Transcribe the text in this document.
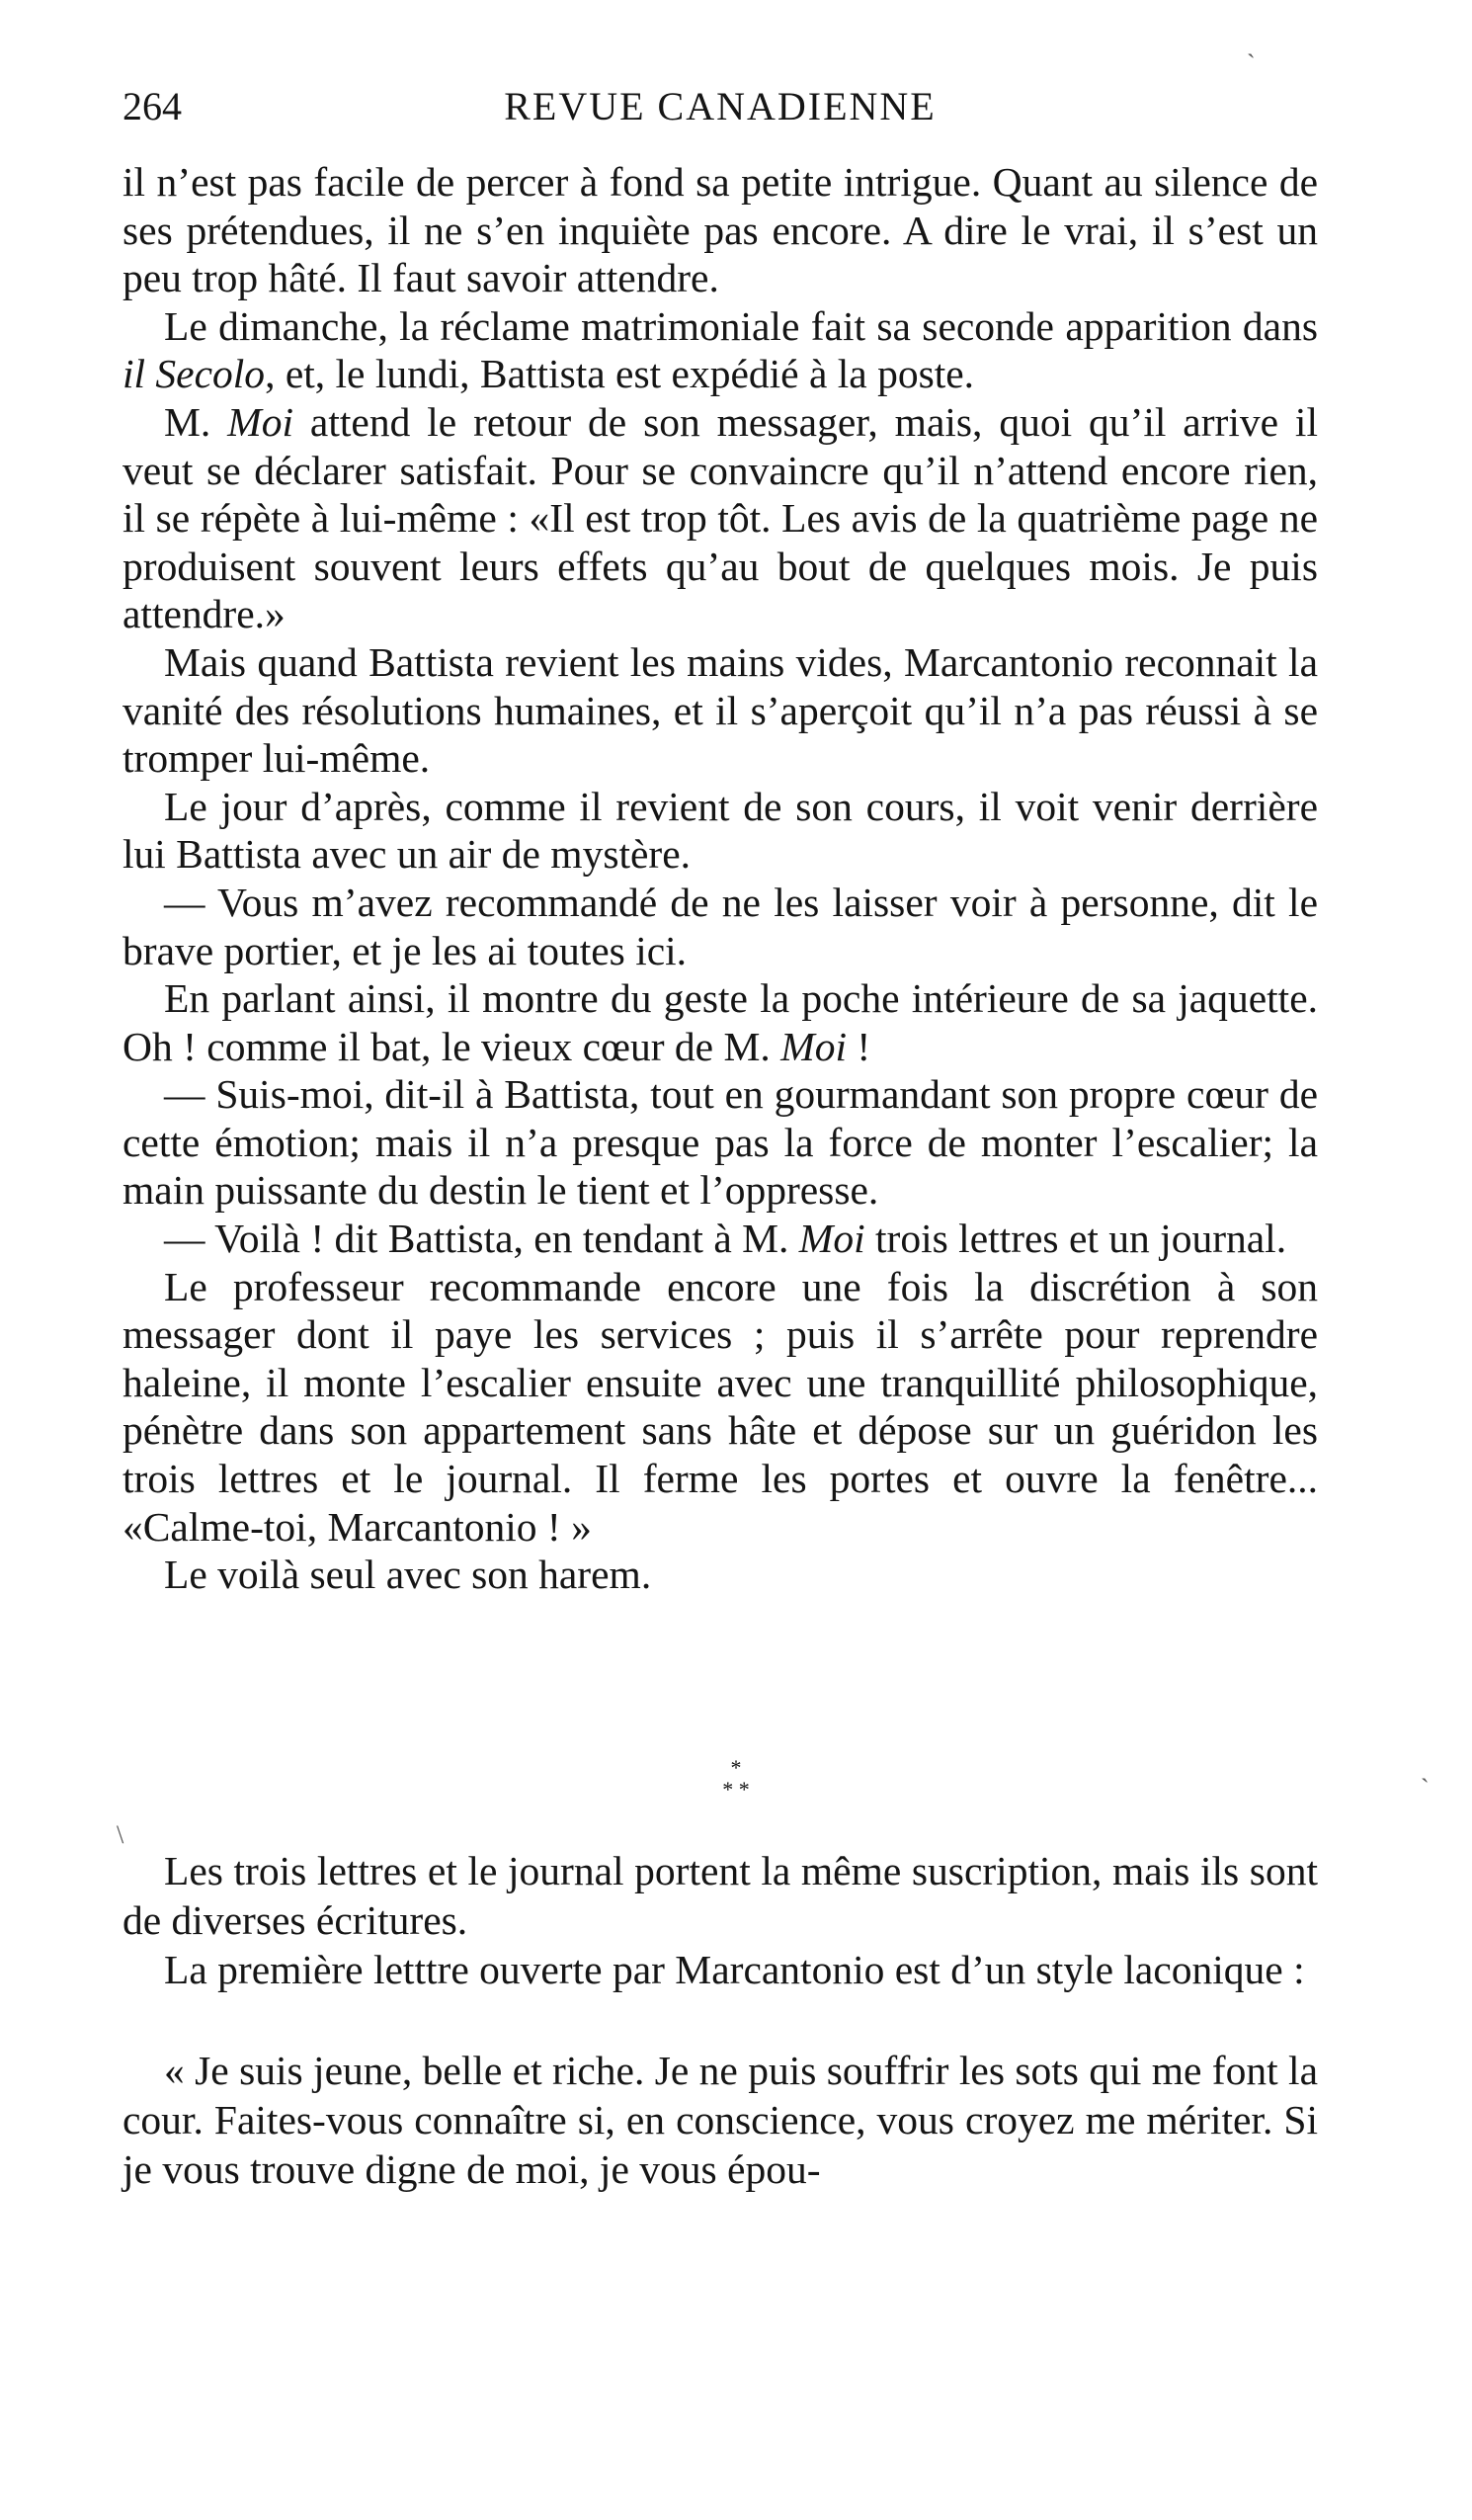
264	REVUE CANADIENNE

il n’est pas facile de percer à fond sa petite intrigue. Quant au silence de ses prétendues, il ne s’en inquiète pas encore. A dire le vrai, il s’est un peu trop hâté. Il faut savoir attendre.

Le dimanche, la réclame matrimoniale fait sa seconde apparition dans il Secolo, et, le lundi, Battista est expédié à la poste.

M. Moi attend le retour de son messager, mais, quoi qu’il arrive il veut se déclarer satisfait. Pour se convaincre qu’il n’attend encore rien, il se répète à lui-même : «Il est trop tôt. Les avis de la quatrième page ne produisent souvent leurs effets qu’au bout de quelques mois. Je puis attendre.»

Mais quand Battista revient les mains vides, Marcantonio reconnait la vanité des résolutions humaines, et il s’aperçoit qu’il n’a pas réussi à se tromper lui-même.

Le jour d’après, comme il revient de son cours, il voit venir derrière lui Battista avec un air de mystère.

— Vous m’avez recommandé de ne les laisser voir à personne, dit le brave portier, et je les ai toutes ici.

En parlant ainsi, il montre du geste la poche intérieure de sa jaquette. Oh ! comme il bat, le vieux cœur de M. Moi !

— Suis-moi, dit-il à Battista, tout en gourmandant son propre cœur de cette émotion; mais il n’a presque pas la force de monter l’escalier; la main puissante du destin le tient et l’oppresse.

— Voilà ! dit Battista, en tendant à M. Moi trois lettres et un journal.

Le professeur recommande encore une fois la discrétion à son messager dont il paye les services ; puis il s’arrête pour reprendre haleine, il monte l’escalier ensuite avec une tranquillité philosophique, pénètre dans son appartement sans hâte et dépose sur un guéridon les trois lettres et le journal. Il ferme les portes et ouvre la fenêtre... «Calme-toi, Marcantonio ! »

Le voilà seul avec son harem.

*
* *

Les trois lettres et le journal portent la même suscription, mais ils sont de diverses écritures.

La première letttre ouverte par Marcantonio est d’un style laconique :

« Je suis jeune, belle et riche. Je ne puis souffrir les sots qui me font la cour. Faites-vous connaître si, en conscience, vous croyez me mériter. Si je vous trouve digne de moi, je vous épou-

`
\
`
